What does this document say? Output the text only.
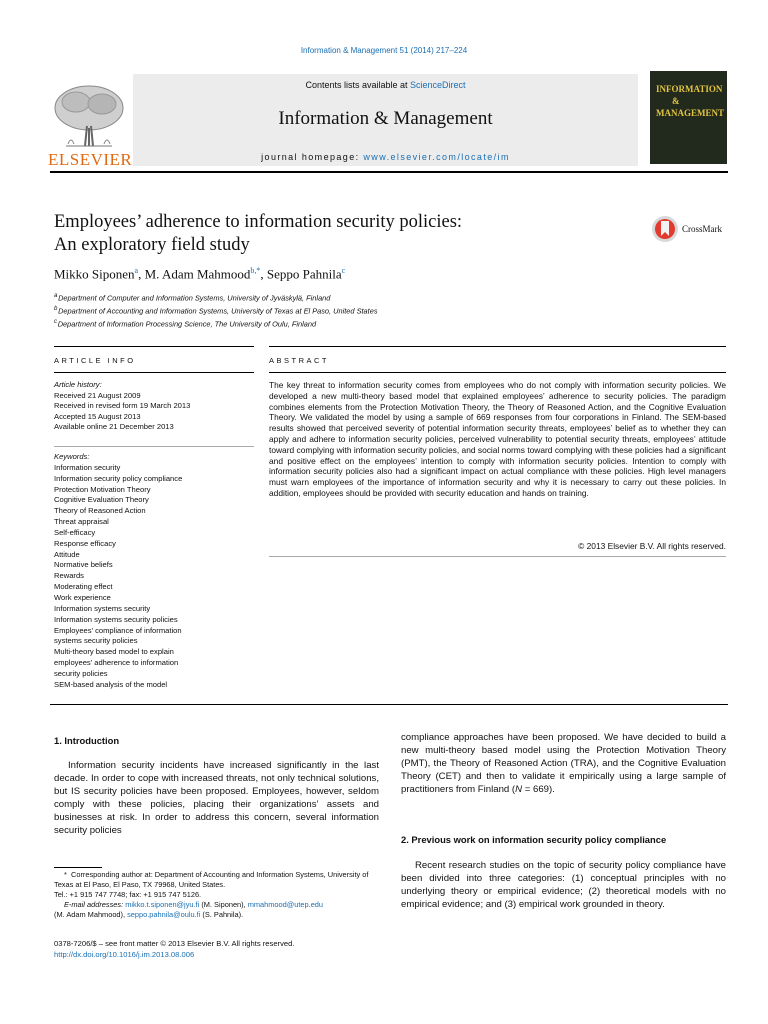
Information & Management 51 (2014) 217–224
Contents lists available at ScienceDirect
Information & Management
journal homepage: www.elsevier.com/locate/im
ELSEVIER
INFORMATION
&
MANAGEMENT
Employees’ adherence to information security policies:
An exploratory field study
CrossMark
Mikko Siponen$^a$, M. Adam Mahmood$^{b,*}$, Seppo Pahnila$^c$
$^a$ Department of Computer and Information Systems, University of Jyväskylä, Finland
$^b$ Department of Accounting and Information Systems, University of Texas at El Paso, United States
$^c$ Department of Information Processing Science, The University of Oulu, Finland
ARTICLE INFO	ABSTRACT
Article history:
Received 21 August 2009
Received in revised form 19 March 2013
Accepted 15 August 2013
Available online 21 December 2013
Keywords:
Information security
Information security policy compliance
Protection Motivation Theory
Cognitive Evaluation Theory
Theory of Reasoned Action
Threat appraisal
Self-efficacy
Response efficacy
Attitude
Normative beliefs
Rewards
Moderating effect
Work experience
Information systems security
Information systems security policies
Employees’ compliance of information
systems security policies
Multi-theory based model to explain
employees’ adherence to information
security policies
SEM-based analysis of the model
The key threat to information security comes from employees who do not comply with information security policies. We developed a new multi-theory based model that explained employees’ adherence to security policies. The paradigm combines elements from the Protection Motivation Theory, the Theory of Reasoned Action, and the Cognitive Evaluation Theory. We validated the model by using a sample of 669 responses from four corporations in Finland. The SEM-based results showed that perceived severity of potential information security threats, employees’ belief as to whether they can apply and adhere to information security policies, perceived vulnerability to potential security threats, employees’ attitude toward complying with information security policies, and social norms toward complying with these policies had a significant and positive effect on the employees’ intention to comply with information security policies. Intention to comply with information security policies also had a significant impact on actual compliance with these policies. High level managers must warn employees of the importance of information security and why it is necessary to carry out these policies. In addition, employees should be provided with security education and hands on training.
© 2013 Elsevier B.V. All rights reserved.
1. Introduction
Information security incidents have increased significantly in the last decade. In order to cope with increased threats, not only technical solutions, but IS security policies have been proposed. Employees, however, seldom comply with these policies, placing their organizations’ assets and businesses at risk. In order to address this concern, several information security policies
* Corresponding author at: Department of Accounting and Information Systems, University of Texas at El Paso, El Paso, TX 79968, United States.
Tel.: +1 915 747 7748; fax: +1 915 747 5126.
E-mail addresses: mikko.t.siponen@jyu.fi (M. Siponen), mmahmood@utep.edu
(M. Adam Mahmood), seppo.pahnila@oulu.fi (S. Pahnila).
0378-7206/$ – see front matter © 2013 Elsevier B.V. All rights reserved.
http://dx.doi.org/10.1016/j.im.2013.08.006
compliance approaches have been proposed. We have decided to build a new multi-theory based model using the Protection Motivation Theory (PMT), the Theory of Reasoned Action (TRA), and the Cognitive Evaluation Theory (CET) and then to validate it empirically using a large sample of practitioners from Finland (N = 669).
2. Previous work on information security policy compliance
Recent research studies on the topic of security policy compliance have been divided into three categories: (1) conceptual principles with no underlying theory or empirical evidence; (2) theoretical models with no empirical evidence; and (3) empirical work grounded in theory.
